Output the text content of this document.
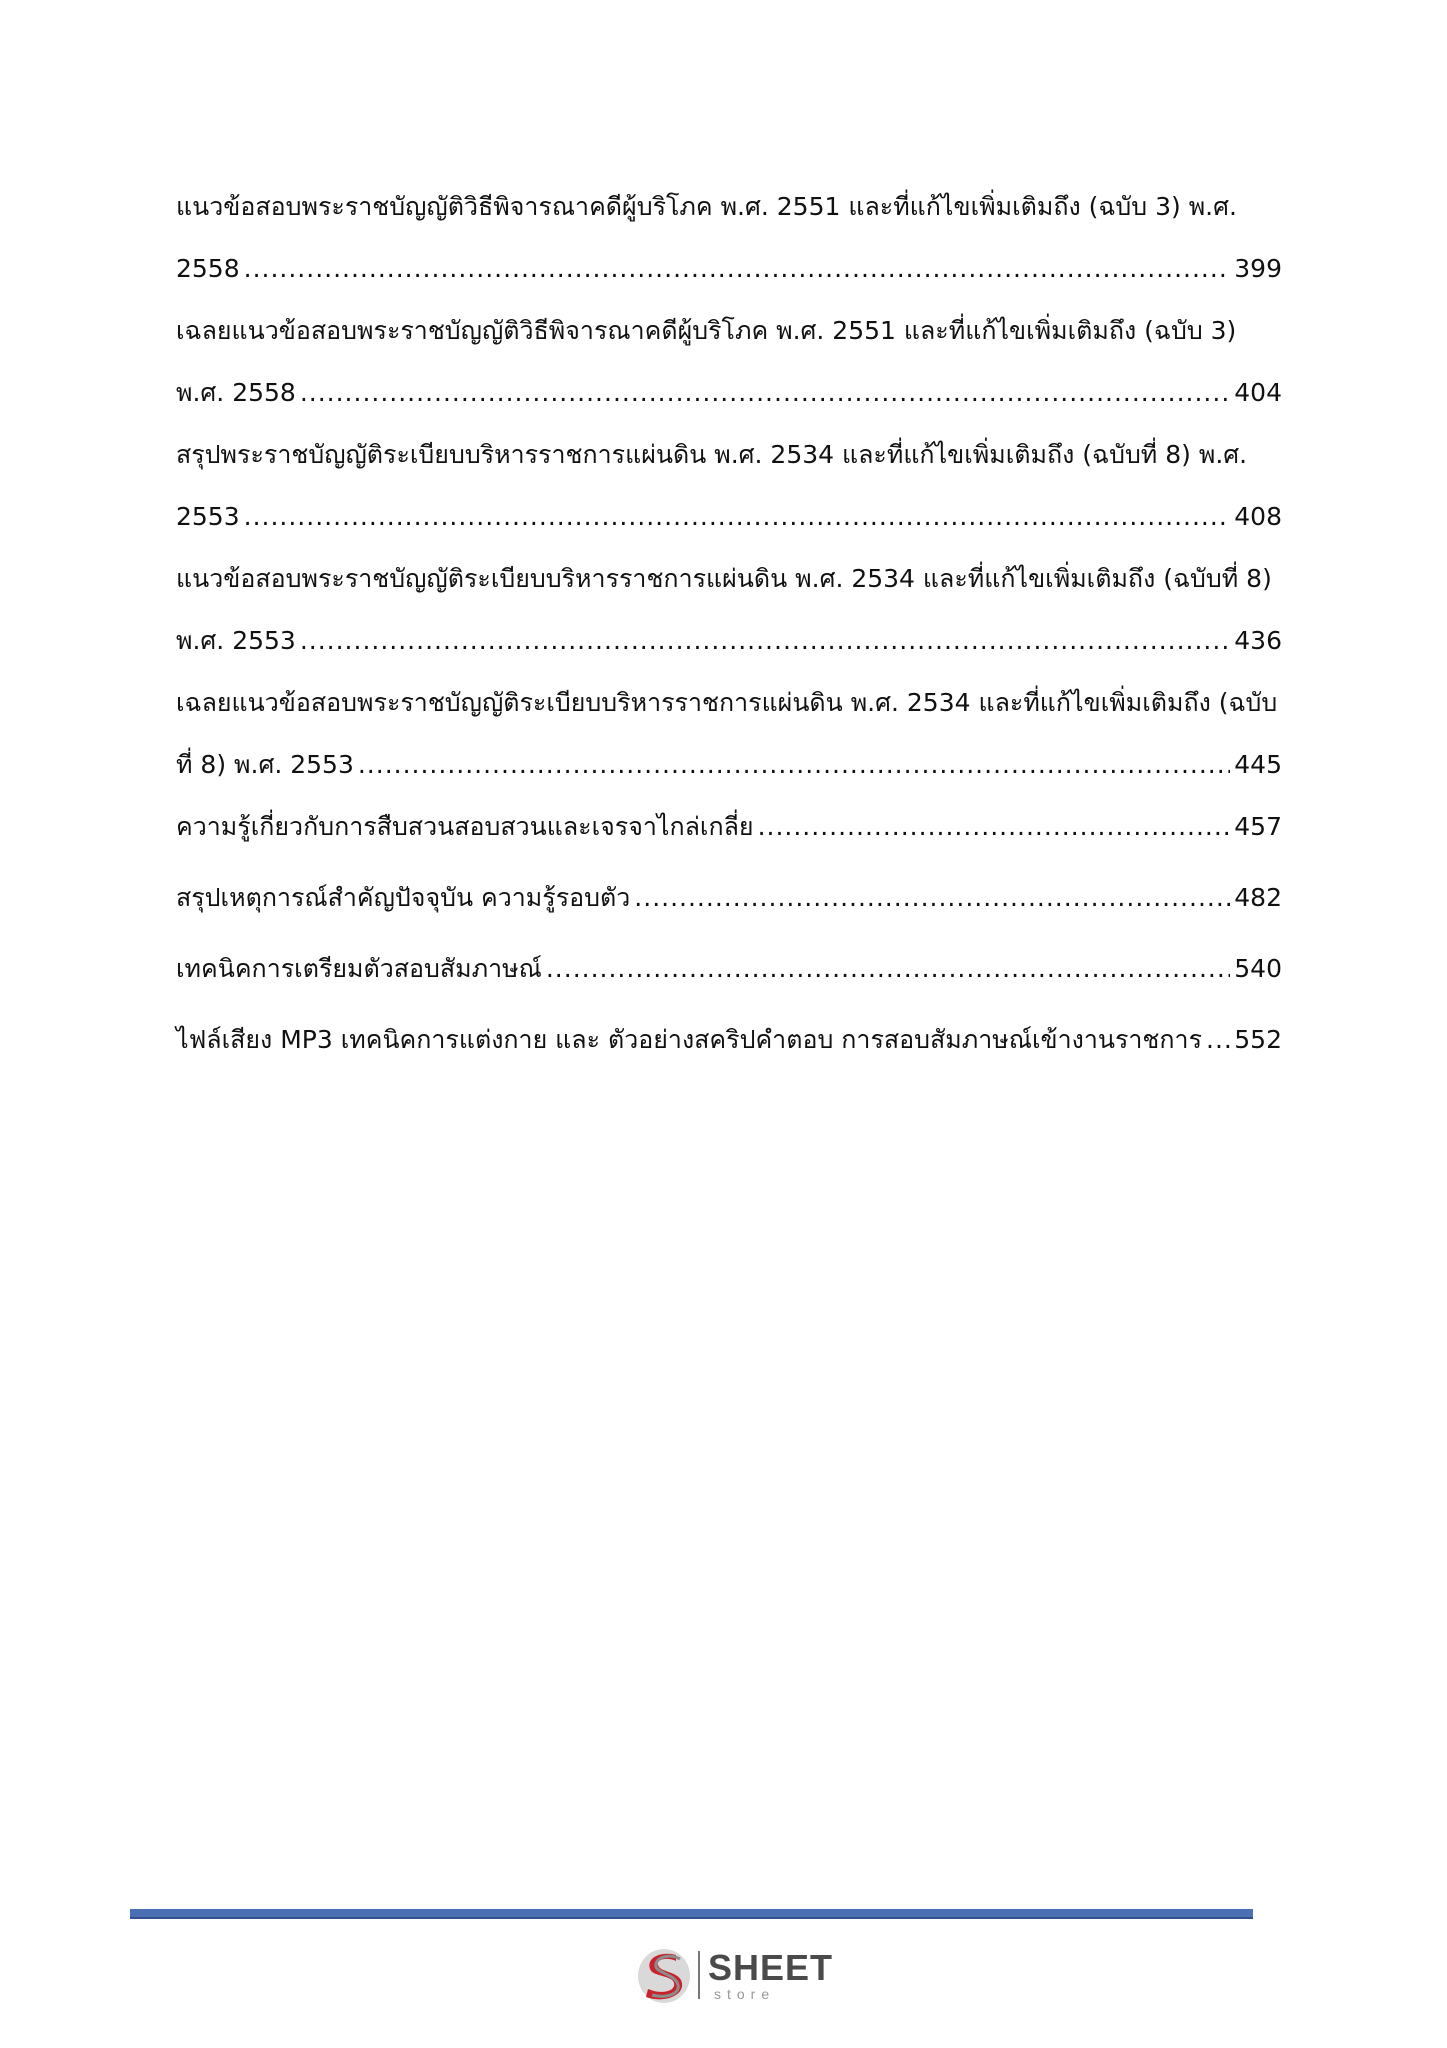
แนวข้อสอบพระราชบัญญัติวิธีพิจารณาคดีผู้บริโภค พ.ศ. 2551 และที่แก้ไขเพิ่มเติมถึง (ฉบับ 3) พ.ศ.
2558 .....	399
เฉลยแนวข้อสอบพระราชบัญญัติวิธีพิจารณาคดีผู้บริโภค พ.ศ. 2551 และที่แก้ไขเพิ่มเติมถึง (ฉบับ 3)
พ.ศ. 2558 .....	404
สรุปพระราชบัญญัติระเบียบบริหารราชการแผ่นดิน พ.ศ. 2534 และที่แก้ไขเพิ่มเติมถึง (ฉบับที่ 8) พ.ศ.
2553 .....	408
แนวข้อสอบพระราชบัญญัติระเบียบบริหารราชการแผ่นดิน พ.ศ. 2534 และที่แก้ไขเพิ่มเติมถึง (ฉบับที่ 8)
พ.ศ. 2553 .....	436
เฉลยแนวข้อสอบพระราชบัญญัติระเบียบบริหารราชการแผ่นดิน พ.ศ. 2534 และที่แก้ไขเพิ่มเติมถึง (ฉบับ
ที่ 8) พ.ศ. 2553 .....	445
ความรู้เกี่ยวกับการสืบสวนสอบสวนและเจรจาไกล่เกลี่ย .....	457
สรุปเหตุการณ์สำคัญปัจจุบัน ความรู้รอบตัว .....	482
เทคนิคการเตรียมตัวสอบสัมภาษณ์ .....	540
ไฟล์เสียง MP3 เทคนิคการแต่งกาย และ ตัวอย่างสคริปคำตอบ การสอบสัมภาษณ์เข้างานราชการ ..... 552
SHEET
store
